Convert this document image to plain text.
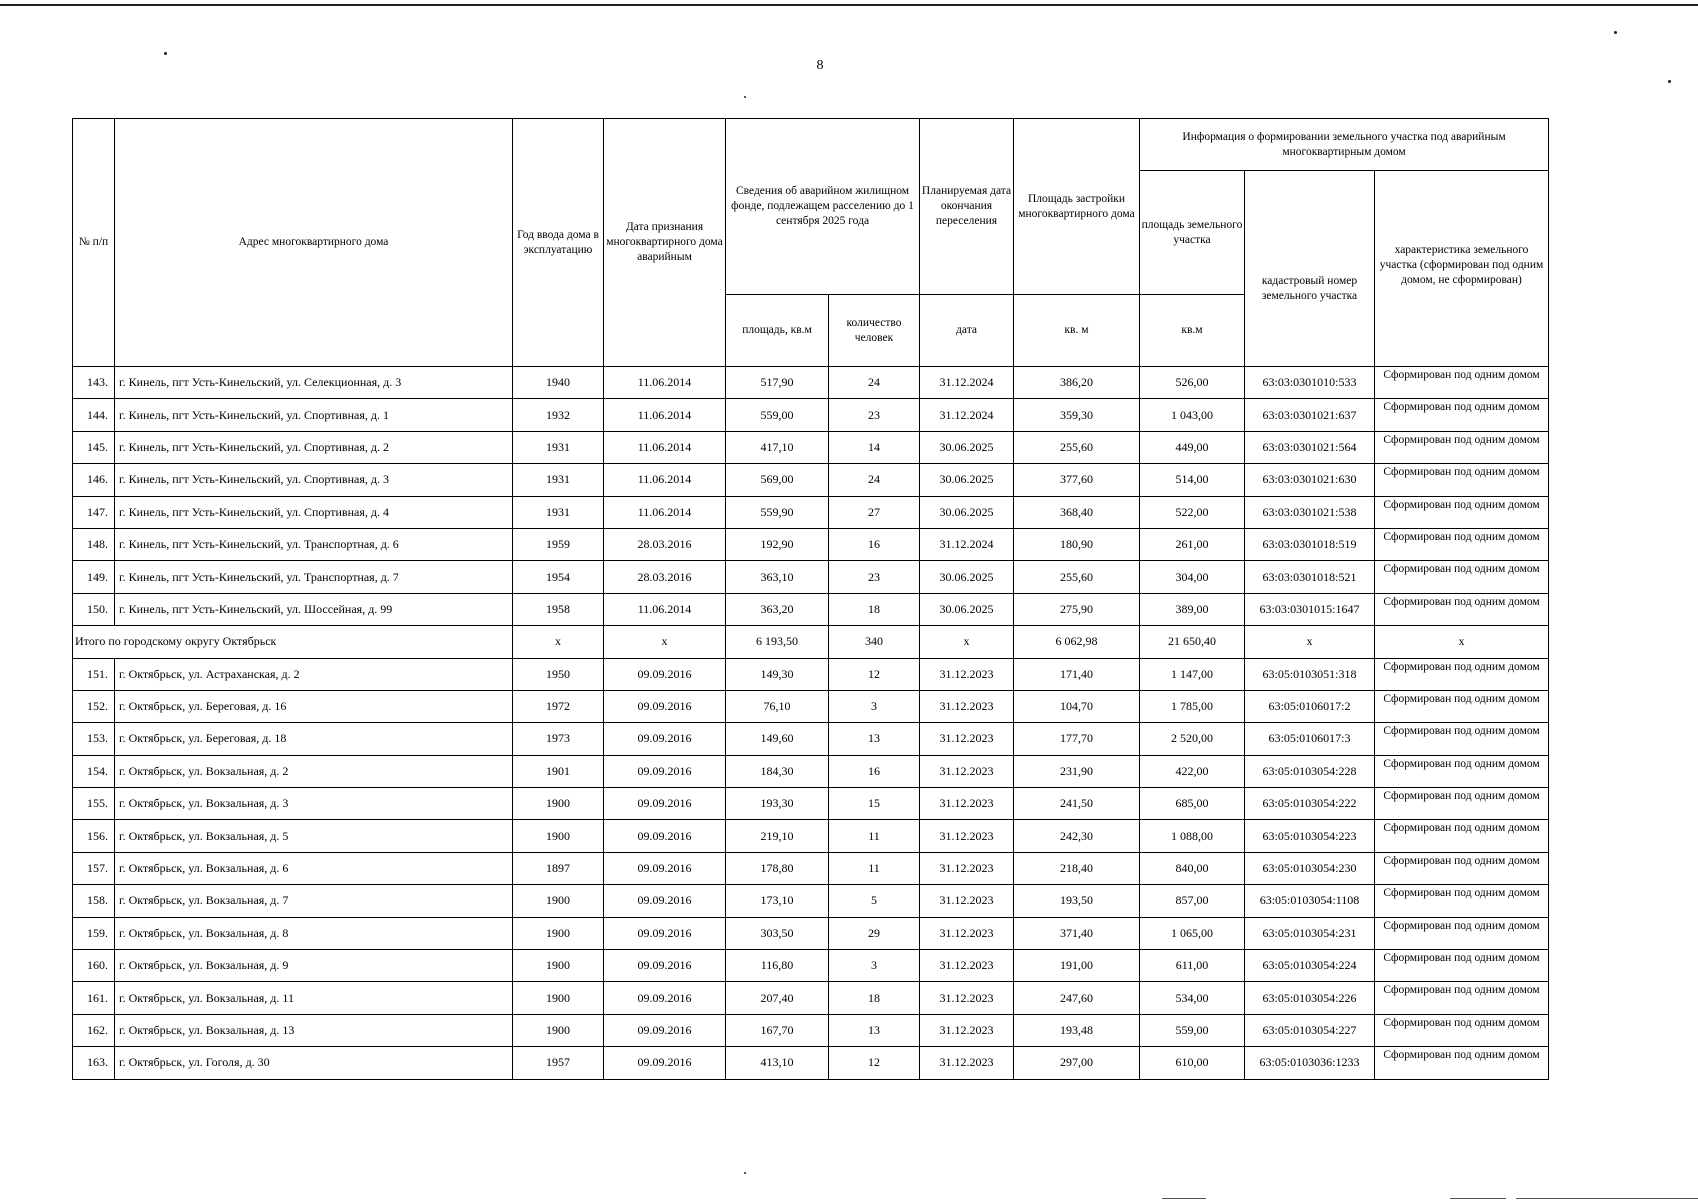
8
№ п/п	Адрес многоквартирного дома	Год ввода дома в эксплуатацию	Дата признания многоквартирного дома аварийным	Сведения об аварийном жилищном фонде, подлежащем расселению до 1 сентября 2025 года		Планируемая дата окончания переселения	Площадь застройки многоквартирного дома	Информация о формировании земельного участка под аварийным многоквартирным домом		
								площадь земельного участка	кадастровый номер земельного участка	характеристика земельного участка (сформирован под одним домом, не сформирован)
				площадь, кв.м	количество человек	дата	кв. м	кв.м		
143.	г. Кинель, пгт Усть-Кинельский, ул. Селекционная, д. 3	1940	11.06.2014	517,90	24	31.12.2024	386,20	526,00	63:03:0301010:533	Сформирован под одним домом
144.	г. Кинель, пгт Усть-Кинельский, ул. Спортивная, д. 1	1932	11.06.2014	559,00	23	31.12.2024	359,30	1 043,00	63:03:0301021:637	Сформирован под одним домом
145.	г. Кинель, пгт Усть-Кинельский, ул. Спортивная, д. 2	1931	11.06.2014	417,10	14	30.06.2025	255,60	449,00	63:03:0301021:564	Сформирован под одним домом
146.	г. Кинель, пгт Усть-Кинельский, ул. Спортивная, д. 3	1931	11.06.2014	569,00	24	30.06.2025	377,60	514,00	63:03:0301021:630	Сформирован под одним домом
147.	г. Кинель, пгт Усть-Кинельский, ул. Спортивная, д. 4	1931	11.06.2014	559,90	27	30.06.2025	368,40	522,00	63:03:0301021:538	Сформирован под одним домом
148.	г. Кинель, пгт Усть-Кинельский, ул. Транспортная, д. 6	1959	28.03.2016	192,90	16	31.12.2024	180,90	261,00	63:03:0301018:519	Сформирован под одним домом
149.	г. Кинель, пгт Усть-Кинельский, ул. Транспортная, д. 7	1954	28.03.2016	363,10	23	30.06.2025	255,60	304,00	63:03:0301018:521	Сформирован под одним домом
150.	г. Кинель, пгт Усть-Кинельский, ул. Шоссейная, д. 99	1958	11.06.2014	363,20	18	30.06.2025	275,90	389,00	63:03:0301015:1647	Сформирован под одним домом
Итого по городскому округу Октябрьск		x	x	6 193,50	340	x	6 062,98	21 650,40	x	x
151.	г. Октябрьск, ул. Астраханская, д. 2	1950	09.09.2016	149,30	12	31.12.2023	171,40	1 147,00	63:05:0103051:318	Сформирован под одним домом
152.	г. Октябрьск, ул. Береговая, д. 16	1972	09.09.2016	76,10	3	31.12.2023	104,70	1 785,00	63:05:0106017:2	Сформирован под одним домом
153.	г. Октябрьск, ул. Береговая, д. 18	1973	09.09.2016	149,60	13	31.12.2023	177,70	2 520,00	63:05:0106017:3	Сформирован под одним домом
154.	г. Октябрьск, ул. Вокзальная, д. 2	1901	09.09.2016	184,30	16	31.12.2023	231,90	422,00	63:05:0103054:228	Сформирован под одним домом
155.	г. Октябрьск, ул. Вокзальная, д. 3	1900	09.09.2016	193,30	15	31.12.2023	241,50	685,00	63:05:0103054:222	Сформирован под одним домом
156.	г. Октябрьск, ул. Вокзальная, д. 5	1900	09.09.2016	219,10	11	31.12.2023	242,30	1 088,00	63:05:0103054:223	Сформирован под одним домом
157.	г. Октябрьск, ул. Вокзальная, д. 6	1897	09.09.2016	178,80	11	31.12.2023	218,40	840,00	63:05:0103054:230	Сформирован под одним домом
158.	г. Октябрьск, ул. Вокзальная, д. 7	1900	09.09.2016	173,10	5	31.12.2023	193,50	857,00	63:05:0103054:1108	Сформирован под одним домом
159.	г. Октябрьск, ул. Вокзальная, д. 8	1900	09.09.2016	303,50	29	31.12.2023	371,40	1 065,00	63:05:0103054:231	Сформирован под одним домом
160.	г. Октябрьск, ул. Вокзальная, д. 9	1900	09.09.2016	116,80	3	31.12.2023	191,00	611,00	63:05:0103054:224	Сформирован под одним домом
161.	г. Октябрьск, ул. Вокзальная, д. 11	1900	09.09.2016	207,40	18	31.12.2023	247,60	534,00	63:05:0103054:226	Сформирован под одним домом
162.	г. Октябрьск, ул. Вокзальная, д. 13	1900	09.09.2016	167,70	13	31.12.2023	193,48	559,00	63:05:0103054:227	Сформирован под одним домом
163.	г. Октябрьск, ул. Гоголя, д. 30	1957	09.09.2016	413,10	12	31.12.2023	297,00	610,00	63:05:0103036:1233	Сформирован под одним домом
